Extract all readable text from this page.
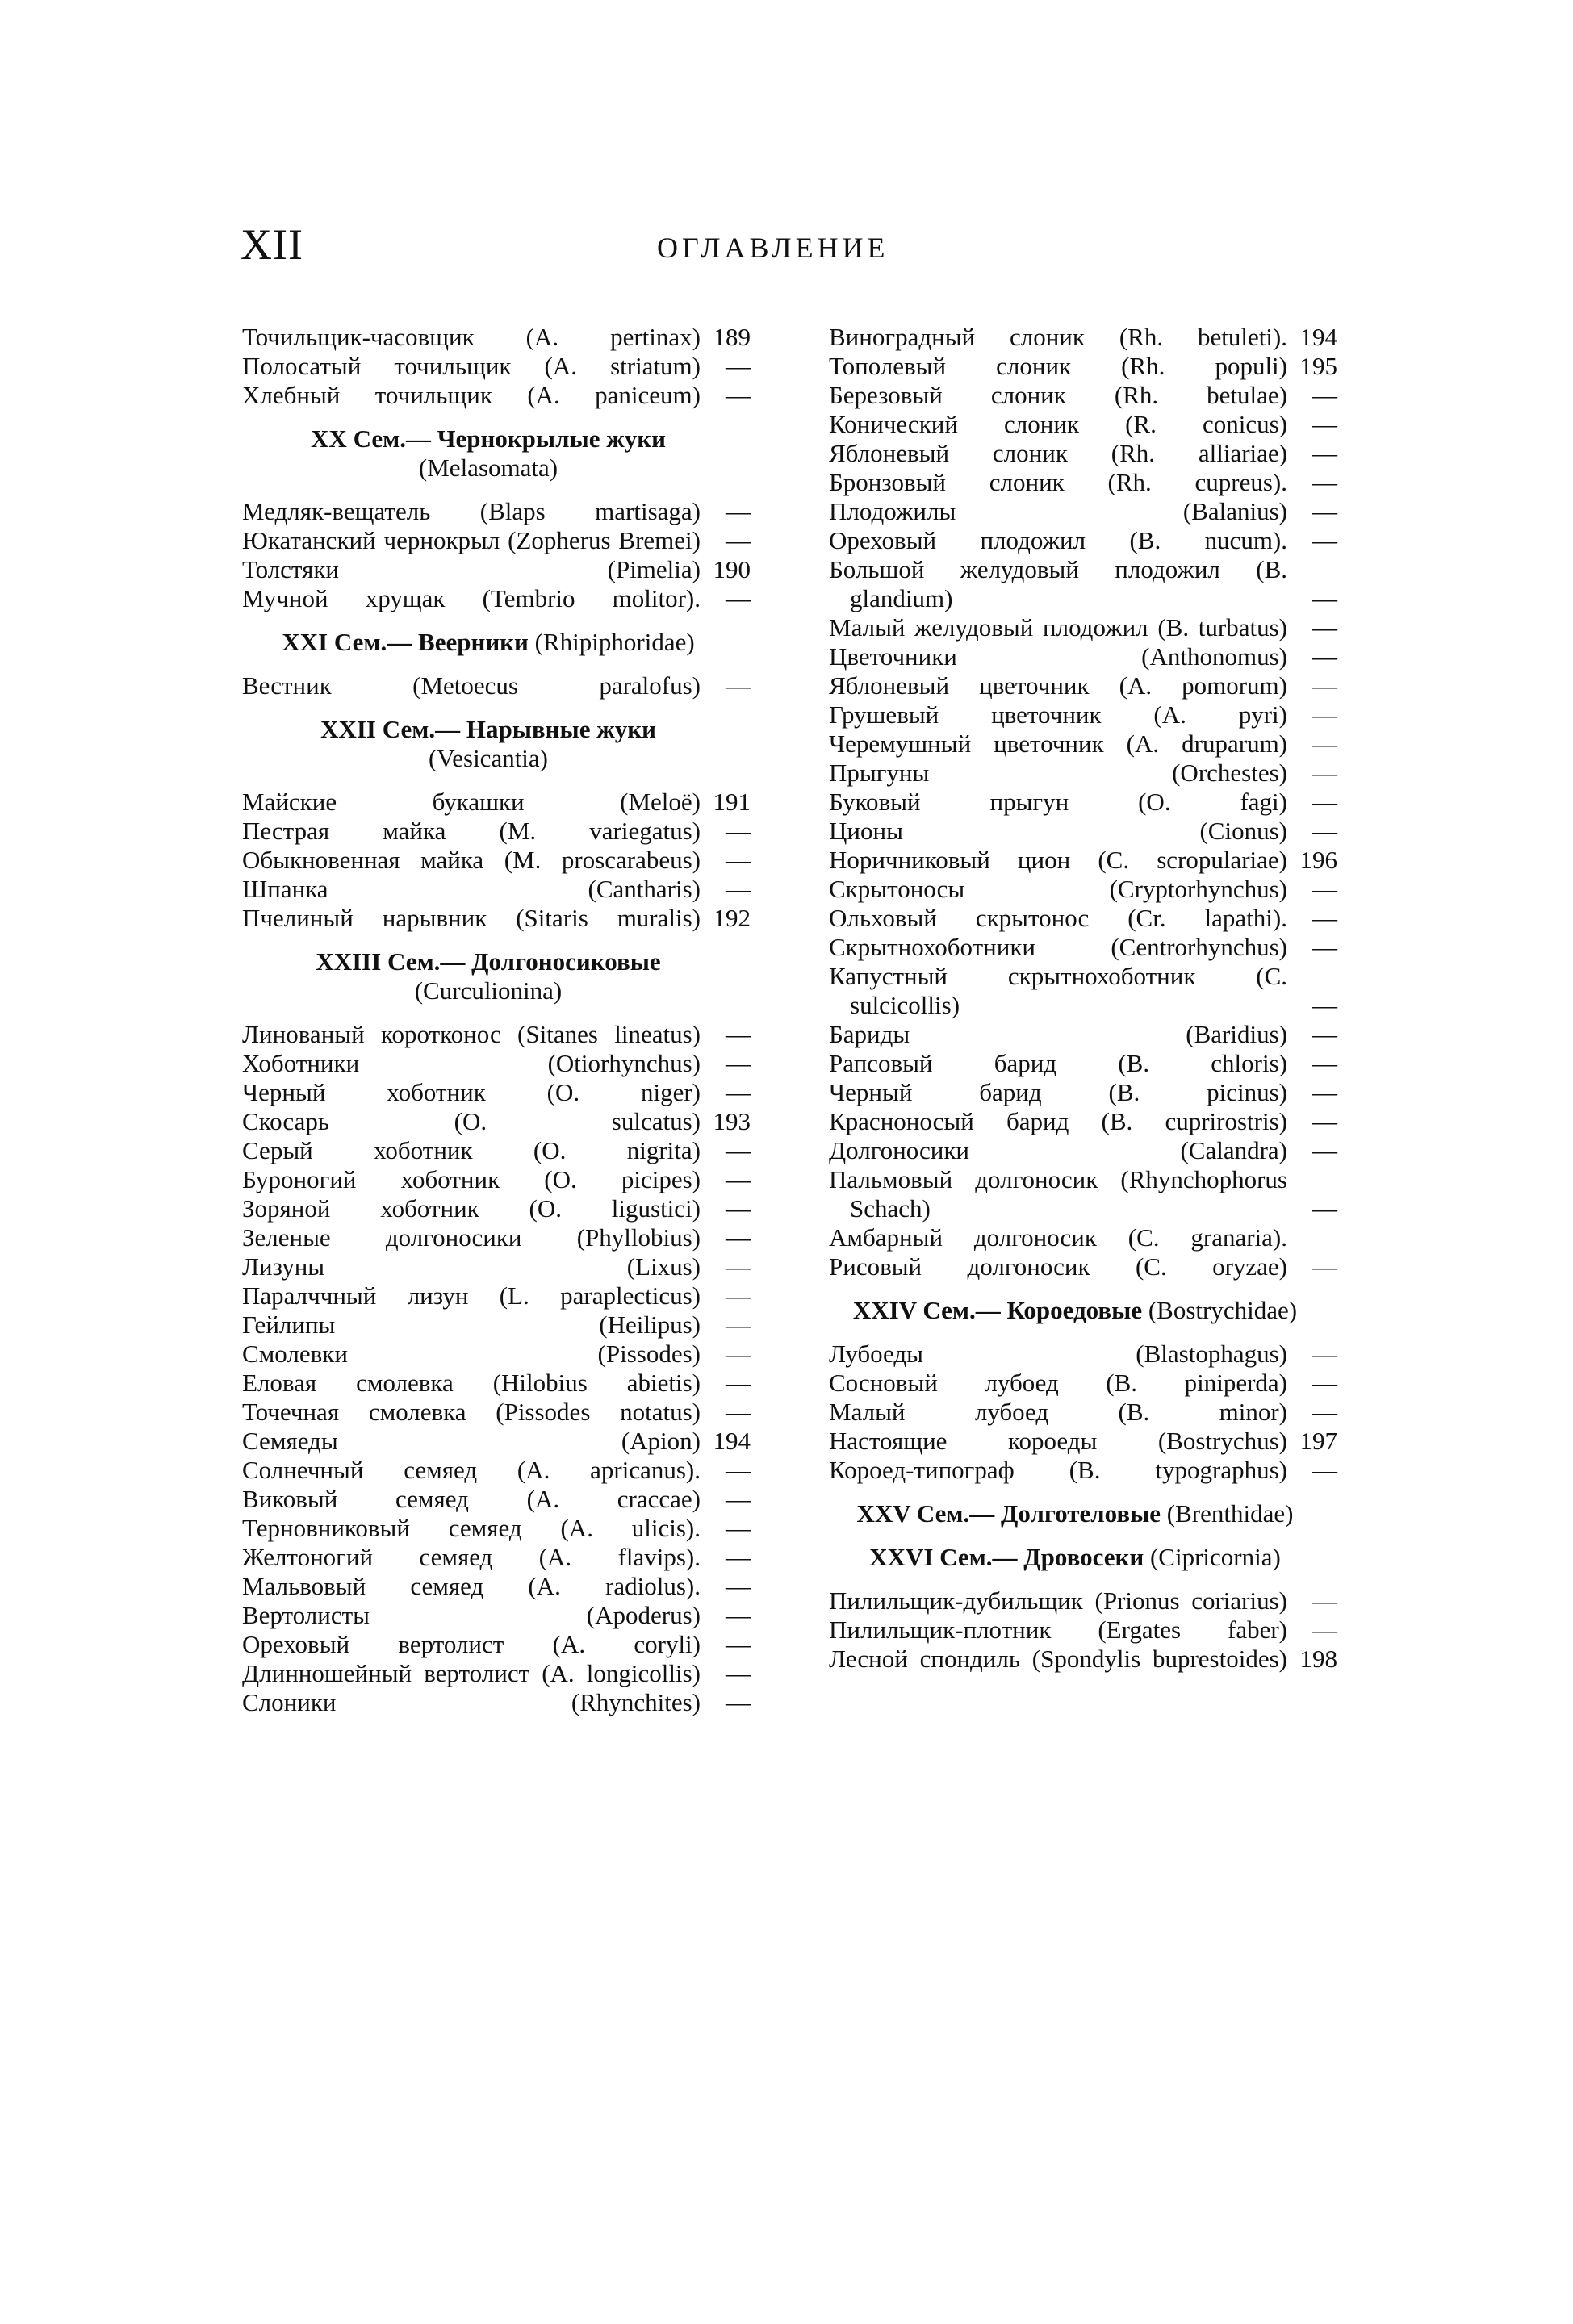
XII	ОГЛАВЛЕНИЕ
Точильщик-часовщик (A. pertinax) 189
Полосатый точильщик (A. striatum)	—
Хлебный точильщик (A. paniceum)	—
XX Сем.— Чернокрылые жуки (Melasomata)
Медляк-вещатель (Blaps martisaga)	—
Юкатанский чернокрыл (Zopherus Bremei)	—
Толстяки (Pimelia) 190
Мучной хрущак (Tembrio molitor).	—
XXI Сем.— Веерники (Rhipiphoridae)
Вестник (Metoecus paralofus)	—
XXII Сем.— Нарывные жуки (Vesicantia)
Майские букашки (Meloë) 191
Пестрая майка (M. variegatus)	—
Обыкновенная майка (M. proscarabeus)	—
Шпанка (Cantharis)	—
Пчелиный нарывник (Sitaris muralis) 192
XXIII Сем.— Долгоносиковые (Curculionina)
Линованый коротконос (Sitanes lineatus)	—
Хоботники (Otiorhynchus)	—
Черный хоботник (O. niger)	—
Скосарь (O. sulcatus) 193
Серый хоботник (O. nigrita)	—
Буроногий хоботник (O. picipes)	—
Зоряной хоботник (O. ligustici)	—
Зеленые долгоносики (Phyllobius)	—
Лизуны (Lixus)	—
Паралччный лизун (L. paraplecticus)	—
Гейлипы (Heilipus)	—
Смолевки (Pissodes)	—
Еловая смолевка (Hilobius abietis)	—
Точечная смолевка (Pissodes notatus)	—
Семяеды (Apion) 194
Солнечный семяед (A. apricanus).	—
Виковый семяед (A. craccae)	—
Терновниковый семяед (A. ulicis).	—
Желтоногий семяед (A. flavips).	—
Мальвовый семяед (A. radiolus).	—
Вертолисты (Apoderus)	—
Ореховый вертолист (A. coryli)	—
Длинношейный вертолист (A. longicollis)	—
Слоники (Rhynchites)	—
Виноградный слоник (Rh. betuleti). 194
Тополевый слоник (Rh. populi) 195
Березовый слоник (Rh. betulae)	—
Конический слоник (R. conicus)	—
Яблоневый слоник (Rh. alliariae)	—
Бронзовый слоник (Rh. cupreus).	—
Плодожилы (Balanius)	—
Ореховый плодожил (B. nucum).	—
Большой желудовый плодожил (B. glandium)	—
Малый желудовый плодожил (B. turbatus)	—
Цветочники (Anthonomus)	—
Яблоневый цветочник (A. pomorum)	—
Грушевый цветочник (A. pyri)	—
Черемушный цветочник (A. druparum)	—
Прыгуны (Orchestes)	—
Буковый прыгун (O. fagi)	—
Ционы (Cionus)	—
Норичниковый цион (C. scropulariae) 196
Скрытоносы (Cryptorhynchus)	—
Ольховый скрытонос (Cr. lapathi).	—
Скрытнохоботники (Centrorhynchus)	—
Капустный скрытнохоботник (C. sulcicollis)	—
Бариды (Baridius)	—
Рапсовый барид (B. chloris)	—
Черный барид (B. picinus)	—
Красноносый барид (B. cuprirostris)	—
Долгоносики (Calandra)	—
Пальмовый долгоносик (Rhynchophorus Schach)	—
Амбарный долгоносик (C. granaria).
Рисовый долгоносик (C. oryzae)	—
XXIV Сем.— Короедовые (Bostrychidae)
Лубоеды (Blastophagus)	—
Сосновый лубоед (B. piniperda)	—
Малый лубоед (B. minor)	—
Настоящие короеды (Bostrychus) 197
Короед-типограф (B. typographus)	—
XXV Сем.— Долготеловые (Brenthidae)
XXVI Сем.— Дровосеки (Cipricornia)
Пилильщик-дубильщик (Prionus coriarius)	—
Пилильщик-плотник (Ergates faber)	—
Лесной спондиль (Spondylis buprestoides) 198
